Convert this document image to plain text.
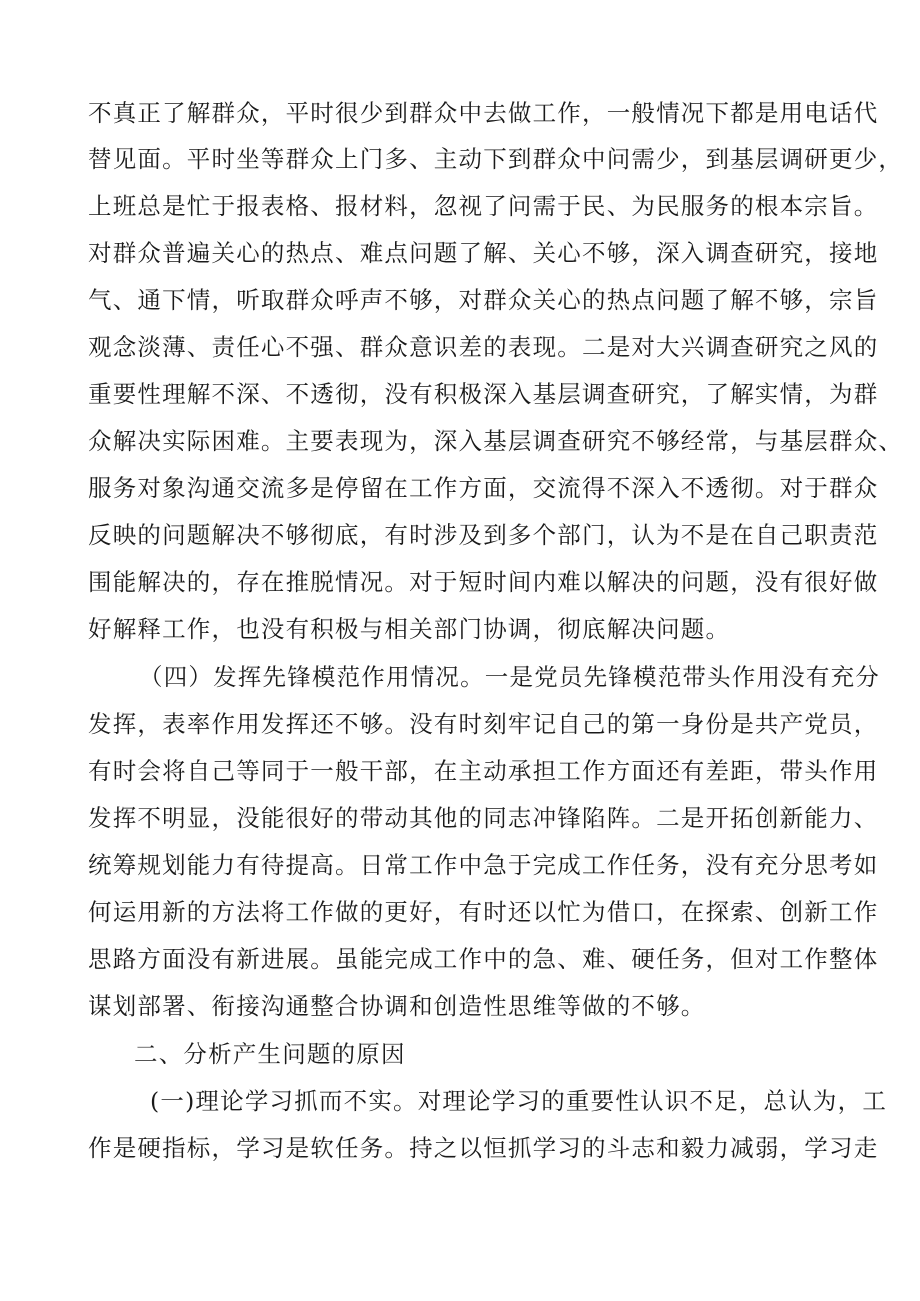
不真正了解群众，平时很少到群众中去做工作，一般情况下都是用电话代
替见面。平时坐等群众上门多、主动下到群众中问需少，到基层调研更少，
上班总是忙于报表格、报材料，忽视了问需于民、为民服务的根本宗旨。
对群众普遍关心的热点、难点问题了解、关心不够，深入调查研究，接地
气、通下情，听取群众呼声不够，对群众关心的热点问题了解不够，宗旨
观念淡薄、责任心不强、群众意识差的表现。二是对大兴调查研究之风的
重要性理解不深、不透彻，没有积极深入基层调查研究，了解实情，为群
众解决实际困难。主要表现为，深入基层调查研究不够经常，与基层群众、
服务对象沟通交流多是停留在工作方面，交流得不深入不透彻。对于群众
反映的问题解决不够彻底，有时涉及到多个部门，认为不是在自己职责范
围能解决的，存在推脱情况。对于短时间内难以解决的问题，没有很好做
好解释工作，也没有积极与相关部门协调，彻底解决问题。
（四）发挥先锋模范作用情况。一是党员先锋模范带头作用没有充分
发挥，表率作用发挥还不够。没有时刻牢记自己的第一身份是共产党员，
有时会将自己等同于一般干部，在主动承担工作方面还有差距，带头作用
发挥不明显，没能很好的带动其他的同志冲锋陷阵。二是开拓创新能力、
统筹规划能力有待提高。日常工作中急于完成工作任务，没有充分思考如
何运用新的方法将工作做的更好，有时还以忙为借口，在探索、创新工作
思路方面没有新进展。虽能完成工作中的急、难、硬任务，但对工作整体
谋划部署、衔接沟通整合协调和创造性思维等做的不够。
二、分析产生问题的原因
(一)理论学习抓而不实。对理论学习的重要性认识不足，总认为，工
作是硬指标，学习是软任务。持之以恒抓学习的斗志和毅力减弱，学习走
